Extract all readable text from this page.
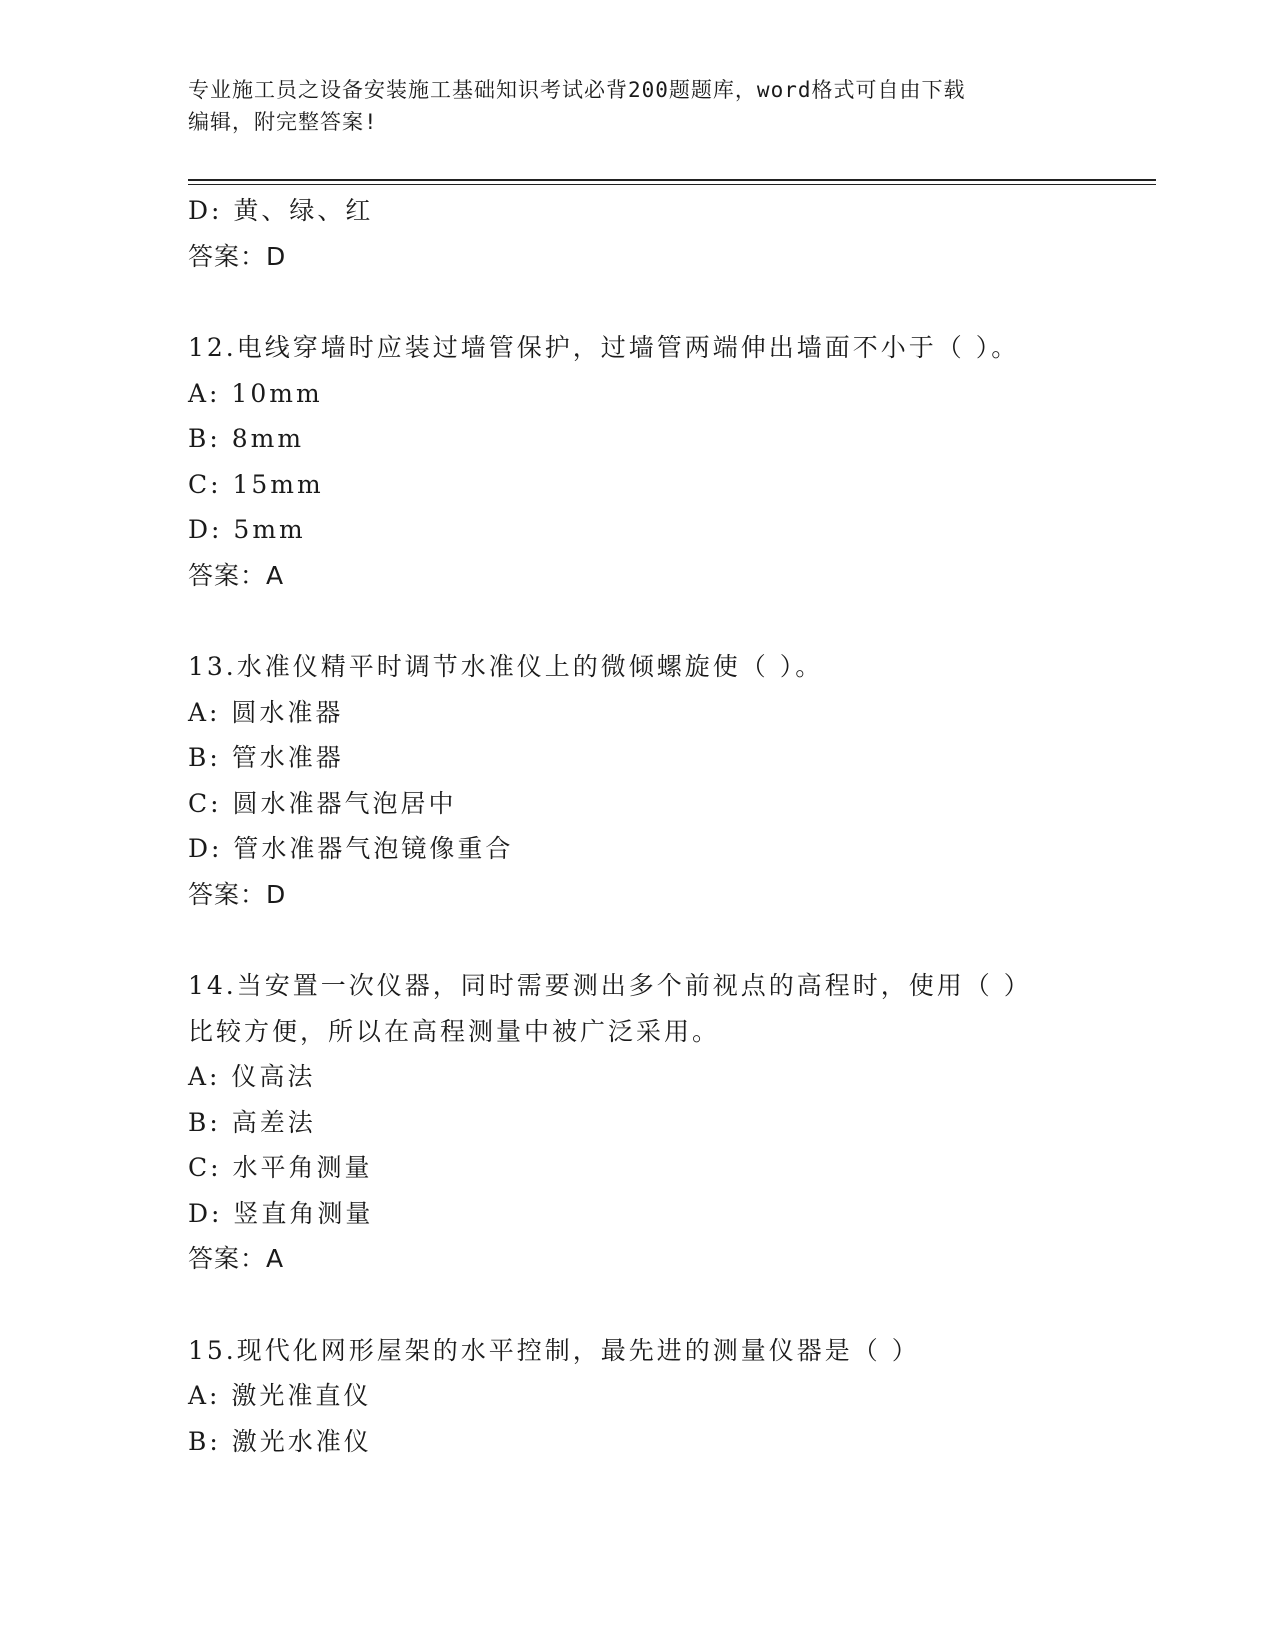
专业施工员之设备安装施工基础知识考试必背200题题库，word格式可自由下载
编辑，附完整答案!
D: 黄、绿、红
答案：D
12.电线穿墙时应装过墙管保护，过墙管两端伸出墙面不小于（ ）。
A: 10mm
B: 8mm
C: 15mm
D: 5mm
答案：A
13.水准仪精平时调节水准仪上的微倾螺旋使（ ）。
A: 圆水准器
B: 管水准器
C: 圆水准器气泡居中
D: 管水准器气泡镜像重合
答案：D
14.当安置一次仪器，同时需要测出多个前视点的高程时，使用（ ）
比较方便，所以在高程测量中被广泛采用。
A: 仪高法
B: 高差法
C: 水平角测量
D: 竖直角测量
答案：A
15.现代化网形屋架的水平控制，最先进的测量仪器是（ ）
A: 激光准直仪
B: 激光水准仪
